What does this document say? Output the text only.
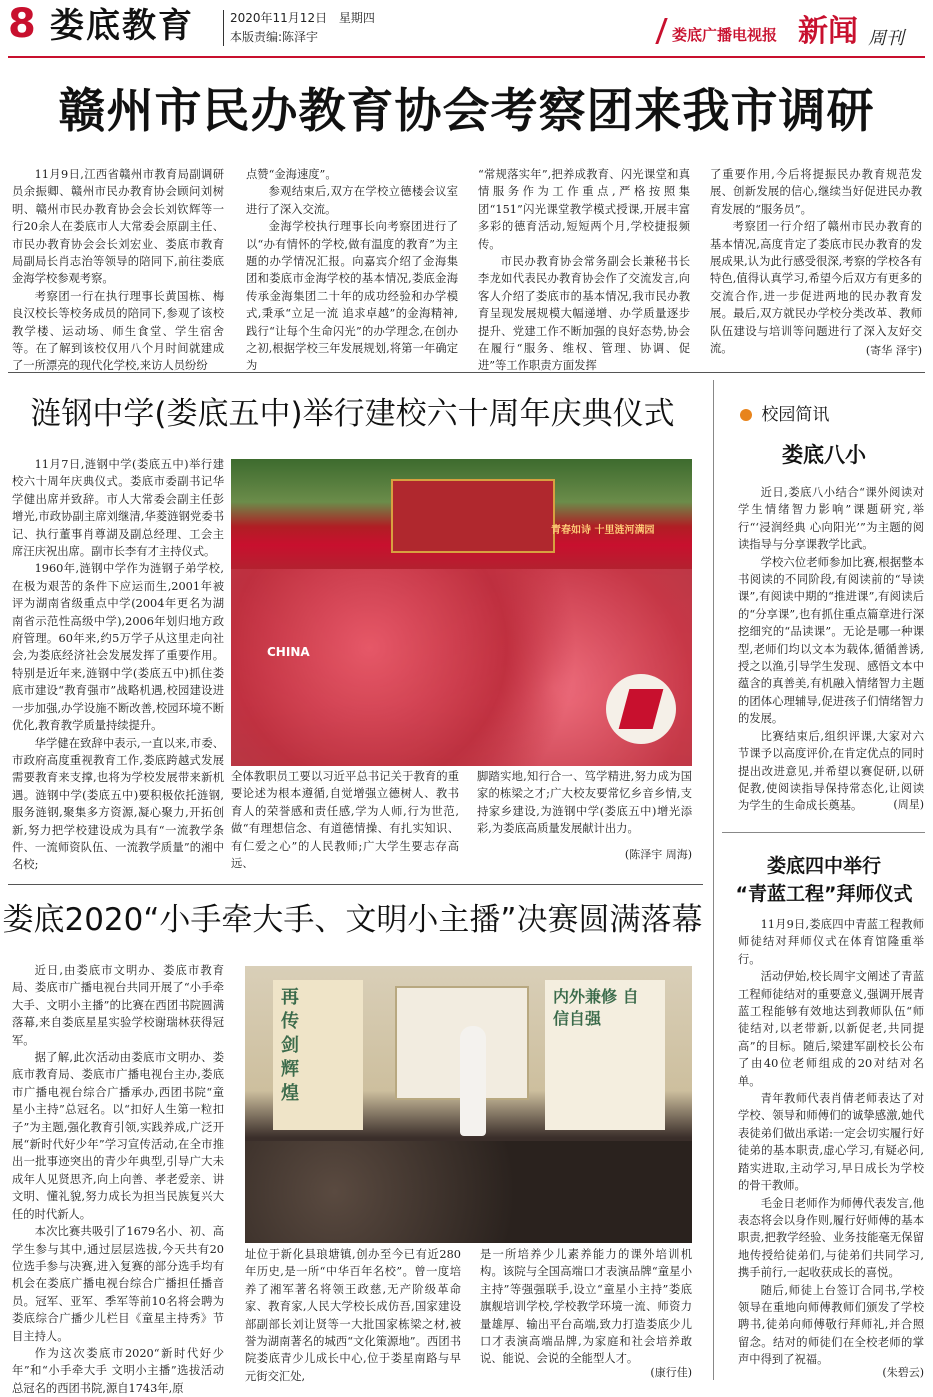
8 娄底教育	2020年11月12日 星期四
本版责编:陈泽宇	娄底广播电视报 新闻 周刊
赣州市民办教育协会考察团来我市调研

11月9日,江西省赣州市教育局副调研员余振卿、赣州市民办教育协会顾问刘树明、赣州市民办教育协会会长刘钦辉等一行20余人在娄底市人大常委会原副主任、市民办教育协会会长刘宏业、娄底市教育局副局长肖志治等领导的陪同下,前往娄底金海学校参观考察。

考察团一行在执行理事长黄国栋、梅良汉校长等校务成员的陪同下,参观了该校教学楼、运动场、师生食堂、学生宿舍等。在了解到该校仅用八个月时间就建成了一所漂亮的现代化学校,来访人员纷纷

点赞“金海速度”。

参观结束后,双方在学校立德楼会议室进行了深入交流。

金海学校执行理事长向考察团进行了以“办有情怀的学校,做有温度的教育”为主题的办学情况汇报。向嘉宾介绍了金海集团和娄底市金海学校的基本情况,娄底金海传承金海集团二十年的成功经验和办学模式,秉承“立足一流 追求卓越”的金海精神,践行“让每个生命闪光”的办学理念,在创办之初,根据学校三年发展规划,将第一年确定为

“常规落实年”,把养成教育、闪光课堂和真情服务作为工作重点,严格按照集团“151”闪光课堂教学模式授课,开展丰富多彩的德育活动,短短两个月,学校捷报频传。

市民办教育协会常务副会长兼秘书长李龙如代表民办教育协会作了交流发言,向客人介绍了娄底市的基本情况,我市民办教育呈现发展规模大幅递增、办学质量逐步提升、党建工作不断加强的良好态势,协会在履行“服务、维权、管理、协调、促进”等工作职责方面发挥

了重要作用,今后将提振民办教育规范发展、创新发展的信心,继续当好促进民办教育发展的“服务员”。

考察团一行介绍了赣州市民办教育的基本情况,高度肯定了娄底市民办教育的发展成果,认为此行感受很深,考察的学校各有特色,值得认真学习,希望今后双方有更多的交流合作,进一步促进两地的民办教育发展。最后,双方就民办学校分类改革、教师队伍建设与培训等问题进行了深入友好交流。	(寄华 泽宇)
涟钢中学(娄底五中)举行建校六十周年庆典仪式

11月7日,涟钢中学(娄底五中)举行建校六十周年庆典仪式。娄底市委副书记华学健出席并致辞。市人大常委会副主任彭增光,市政协副主席刘继清,华菱涟钢党委书记、执行董事肖尊湖及副总经理、工会主席汪庆祝出席。副市长李有才主持仪式。

1960年,涟钢中学作为涟钢子弟学校,在极为艰苦的条件下应运而生,2001年被评为湖南省级重点中学(2004年更名为湖南省示范性高级中学),2006年划归地方政府管理。60年来,约5万学子从这里走向社会,为娄底经济社会发展发挥了重要作用。特别是近年来,涟钢中学(娄底五中)抓住娄底市建设“教育强市”战略机遇,校园建设进一步加强,办学设施不断改善,校园环境不断优化,教育教学质量持续提升。

华学健在致辞中表示,一直以来,市委、市政府高度重视教育工作,娄底跨越式发展需要教育来支撑,也将为学校发展带来新机遇。涟钢中学(娄底五中)要积极依托涟钢,服务涟钢,聚集多方资源,凝心聚力,开拓创新,努力把学校建设成为具有“一流教学条件、一流师资队伍、一流教学质量”的湘中名校;

青春如诗 十里涟河满园
CHINA

全体教职员工要以习近平总书记关于教育的重要论述为根本遵循,自觉增强立德树人、教书育人的荣誉感和责任感,学为人师,行为世范,做“有理想信念、有道德情操、有扎实知识、有仁爱之心”的人民教师;广大学生要志存高远、

脚踏实地,知行合一、笃学精进,努力成为国家的栋梁之才;广大校友要常忆乡音乡情,支持家乡建设,为涟钢中学(娄底五中)增光添彩,为娄底高质量发展献计出力。

(陈泽宇 周海)
娄底2020“小手牵大手、文明小主播”决赛圆满落幕

近日,由娄底市文明办、娄底市教育局、娄底市广播电视台共同开展了“小手牵大手、文明小主播”的比赛在西团书院圆满落幕,来自娄底星星实验学校谢瑞林获得冠军。

据了解,此次活动由娄底市文明办、娄底市教育局、娄底市广播电视台主办,娄底市广播电视台综合广播承办,西团书院“童星小主持”总冠名。以“扣好人生第一粒扣子”为主题,强化教育引领,实践养成,广泛开展“新时代好少年”学习宣传活动,在全市推出一批事迹突出的青少年典型,引导广大未成年人见贤思齐,向上向善、孝老爱亲、讲文明、懂礼貌,努力成长为担当民族复兴大任的时代新人。

本次比赛共吸引了1679名小、初、高学生参与其中,通过层层选拔,今天共有20位选手参与决赛,进入复赛的部分选手均有机会在娄底广播电视台综合广播担任播音员。冠军、亚军、季军等前10名将会聘为娄底综合广播少儿栏目《童星主持秀》节目主持人。

作为这次娄底市2020“新时代好少年”和“小手牵大手 文明小主播”选拔活动总冠名的西团书院,源自1743年,原

再传剑辉煌
内外兼修 自信自强

址位于新化县琅塘镇,创办至今已有近280年历史,是一所“中华百年名校”。曾一度培养了湘军著名将领王政慈,无产阶级革命家、教育家,人民大学校长成仿吾,国家建设部副部长刘让贤等一大批国家栋梁之材,被誉为湖南著名的城西“文化策源地”。西团书院娄底青少儿成长中心,位于娄星南路与早元街交汇处,

是一所培养少儿素养能力的课外培训机构。该院与全国高端口才表演品牌“童星小主持”等强强联手,设立“童星小主持”娄底旗舰培训学校,学校教学环境一流、师资力量雄厚、输出平台高端,致力打造娄底少儿口才表演高端品牌,为家庭和社会培养敢说、能说、会说的全能型人才。

(康行佳)
校园简讯
娄底八小

近日,娄底八小结合“课外阅读对学生情绪智力影响”课题研究,举行“‘浸润经典 心向阳光’”为主题的阅读指导与分享课教学比武。

学校六位老师参加比赛,根据整本书阅读的不同阶段,有阅读前的“导读课”,有阅读中期的“推进课”,有阅读后的“分享课”,也有抓住重点篇章进行深挖细究的“品读课”。无论是哪一种课型,老师们均以文本为载体,循循善诱,授之以渔,引导学生发现、感悟文本中蕴含的真善美,有机融入情绪智力主题的团体心理辅导,促进孩子们情绪智力的发展。

比赛结束后,组织评课,大家对六节课予以高度评价,在肯定优点的同时提出改进意见,并希望以赛促研,以研促教,使阅读指导保持常态化,让阅读为学生的生命成长奠基。	(周星)
娄底四中举行
“青蓝工程”拜师仪式

11月9日,娄底四中青蓝工程教师师徒结对拜师仪式在体育馆隆重举行。

活动伊始,校长周宇文阐述了青蓝工程师徒结对的重要意义,强调开展青蓝工程能够有效地达到教师队伍“师徒结对,以老带新,以新促老,共同提高”的目标。随后,梁建军副校长公布了由40位老师组成的20对结对名单。

青年教师代表肖倩老师表达了对学校、领导和师傅们的诚挚感激,她代表徒弟们做出承诺:一定会切实履行好徒弟的基本职责,虚心学习,有疑必问,踏实进取,主动学习,早日成长为学校的骨干教师。

毛金日老师作为师傅代表发言,他表态将会以身作则,履行好师傅的基本职责,把教学经验、业务技能毫无保留地传授给徒弟们,与徒弟们共同学习,携手前行,一起收获成长的喜悦。

随后,师徒上台签订合同书,学校领导在重地向师傅教师们颁发了学校聘书,徒弟向师傅敬行拜师礼,并合照留念。结对的师徒们在全校老师的掌声中得到了祝福。

(朱碧云)
